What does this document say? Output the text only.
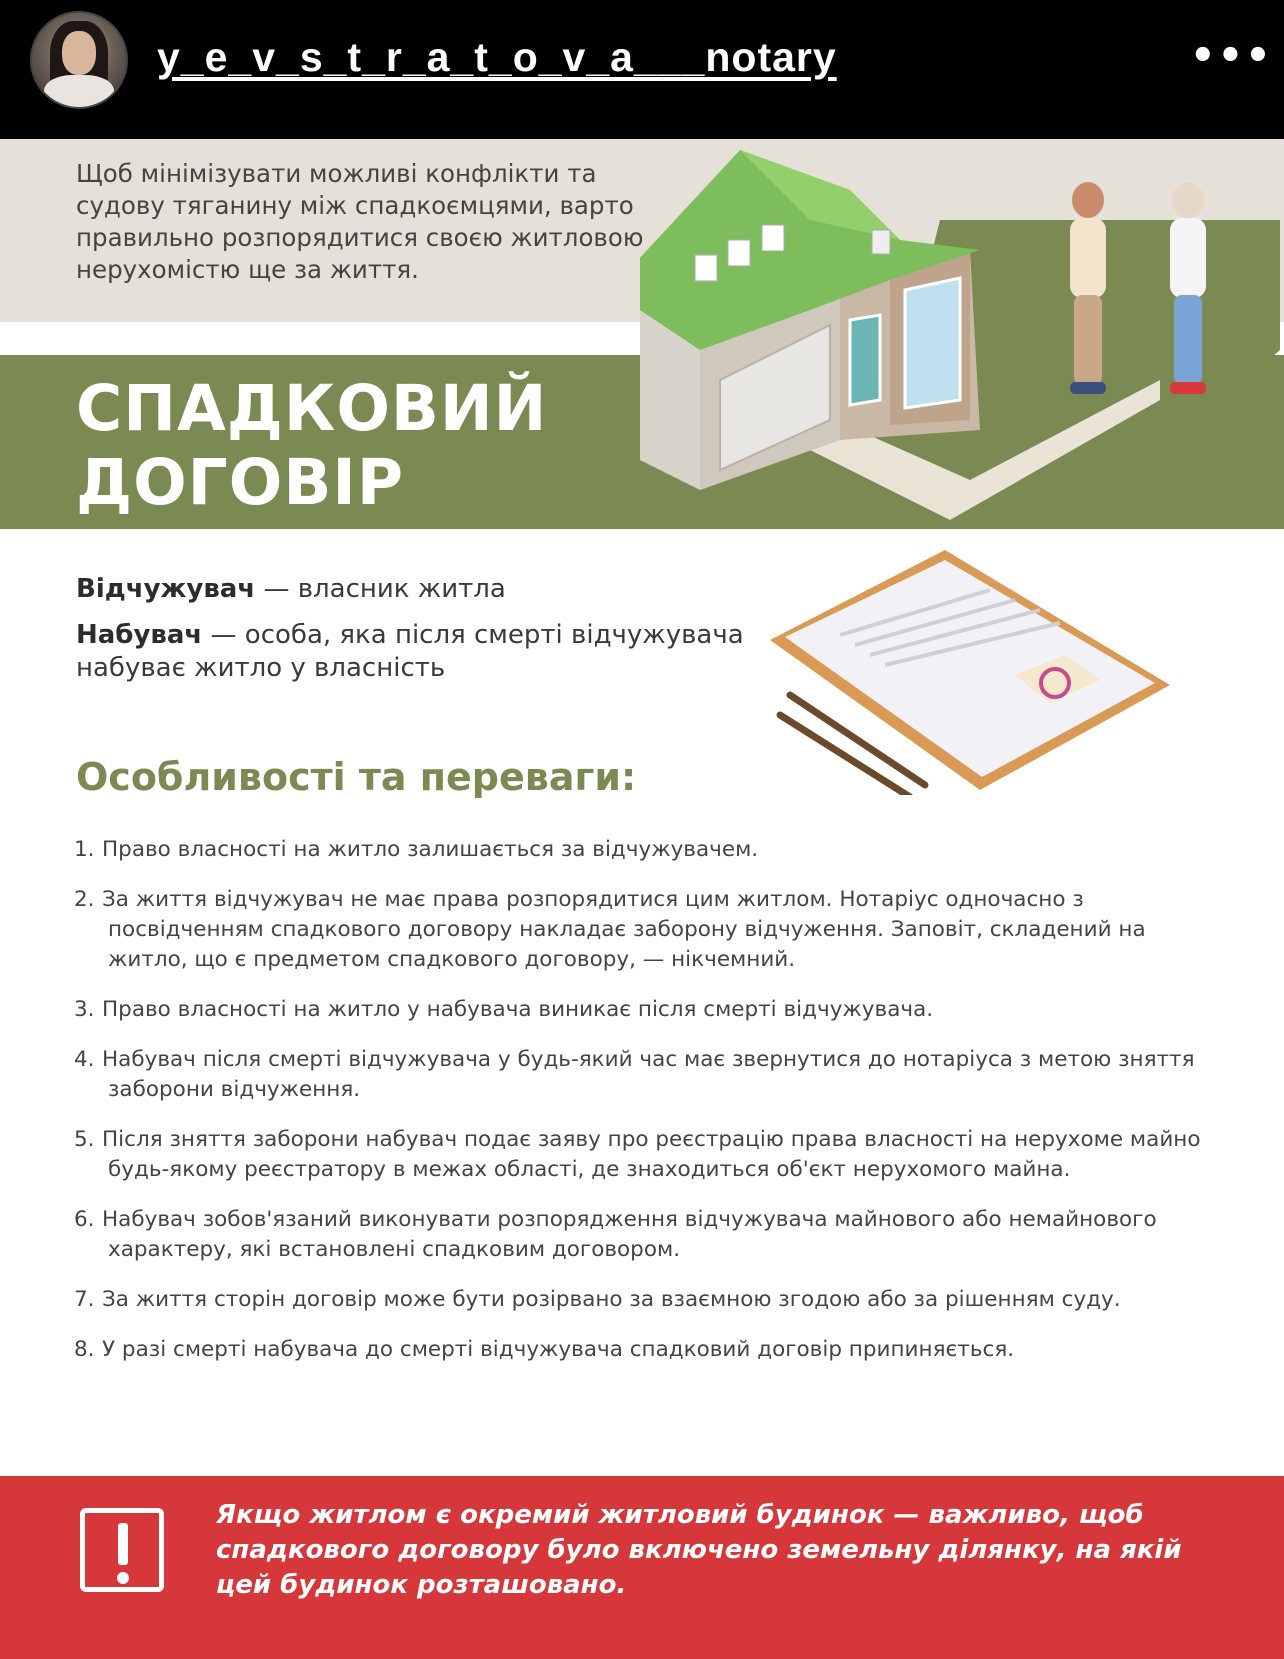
y_e_v_s_t_r_a_t_o_v_a___notary	•••
Щоб мінімізувати можливі конфлікти та судову тяганину між спадкоємцями, варто правильно розпорядитися своєю житловою нерухомістю ще за життя.
СПАДКОВИЙ
ДОГОВІР

Відчужувач — власник житла

Набувач — особа, яка після смерті відчужувача набуває житло у власність

Особливості та переваги:
1. Право власності на житло залишається за відчужувачем.
2. За життя відчужувач не має права розпорядитися цим житлом. Нотаріус одночасно з посвідченням спадкового договору накладає заборону відчуження. Заповіт, складений на житло, що є предметом спадкового договору, — нікчемний.
3. Право власності на житло у набувача виникає після смерті відчужувача.
4. Набувач після смерті відчужувача у будь-який час має звернутися до нотаріуса з метою зняття заборони відчуження.
5. Після зняття заборони набувач подає заяву про реєстрацію права власності на нерухоме майно будь-якому реєстратору в межах області, де знаходиться об'єкт нерухомого майна.
6. Набувач зобов'язаний виконувати розпорядження відчужувача майнового або немайнового характеру, які встановлені спадковим договором.
7. За життя сторін договір може бути розірвано за взаємною згодою або за рішенням суду.
8. У разі смерті набувача до смерті відчужувача спадковий договір припиняється.
Якщо житлом є окремий житловий будинок — важливо, щоб спадкового договору було включено земельну ділянку, на якій цей будинок розташовано.
